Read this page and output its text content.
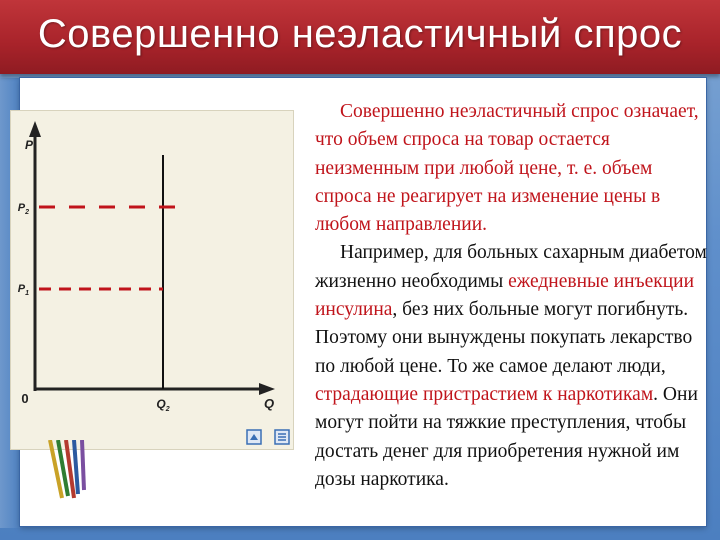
Совершенно неэластичный спрос
P
$P_2$
$P_1$
0	$Q_2$	Q

Совершенно неэластичный спрос означает, что объем спроса на товар остается неизменным при любой цене, т. е. объем спроса не реагирует на изменение цены в любом направлении.

Например, для больных сахарным диабетом жизненно необходимы ежедневные инъекции инсулина, без них больные могут погибнуть. Поэтому они вынуждены покупать лекарство по любой цене. То же самое делают люди, страдающие пристрастием к наркотикам. Они могут пойти на тяжкие преступления, чтобы достать денег для приобретения нужной им дозы наркотика.
